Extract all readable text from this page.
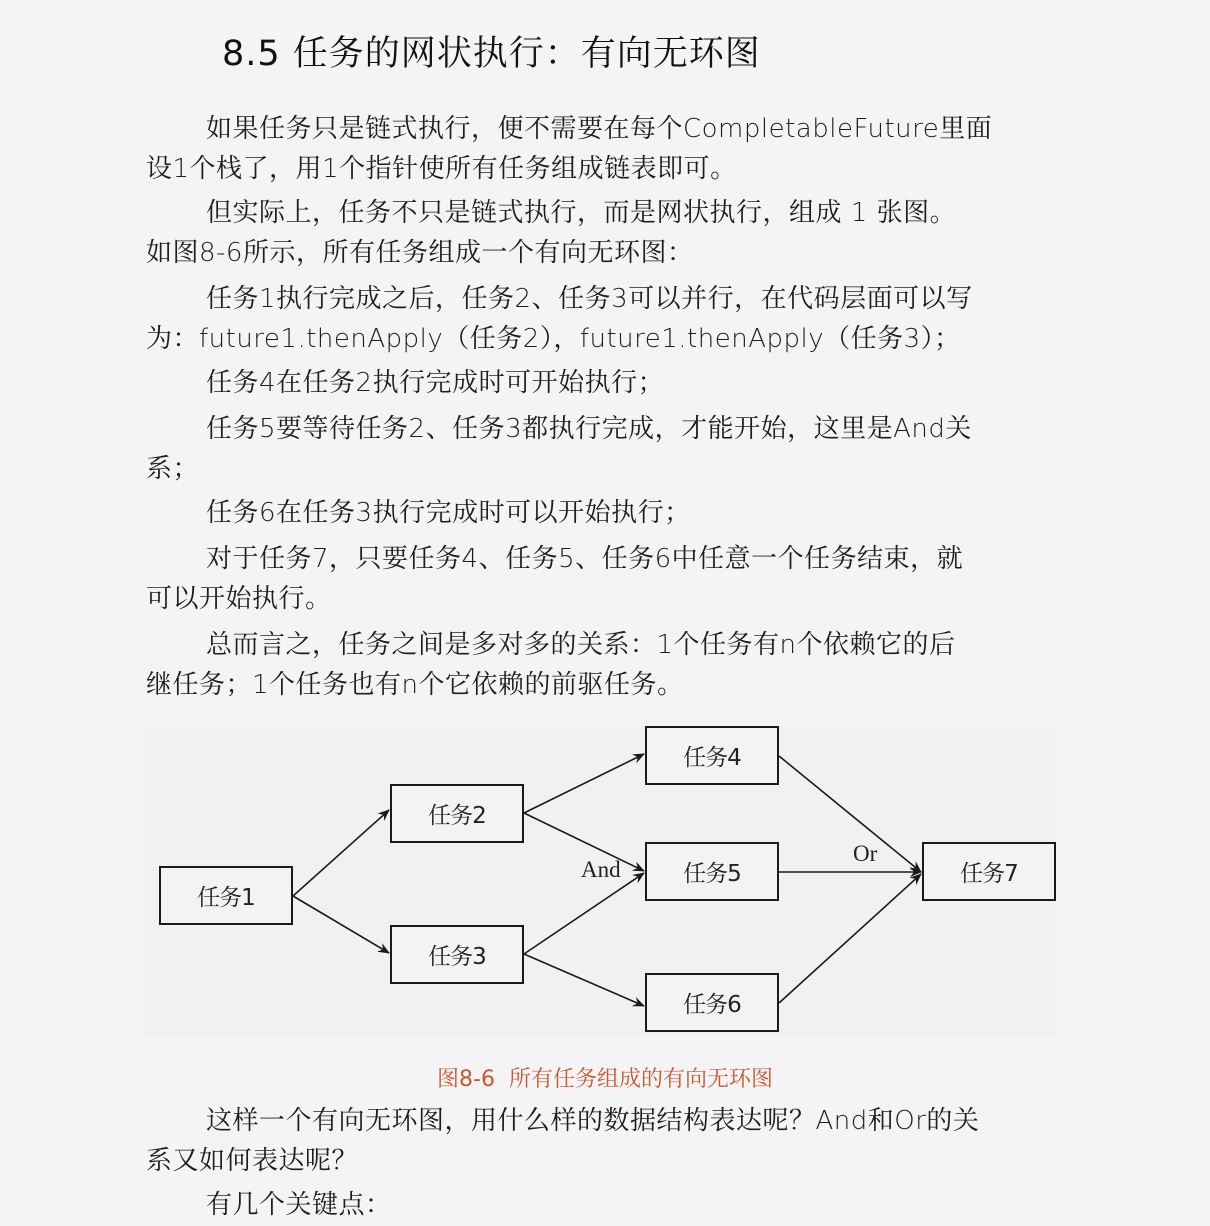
8.5 任务的网状执行：有向无环图
如果任务只是链式执行，便不需要在每个CompletableFuture里面
设1个栈了，用1个指针使所有任务组成链表即可。
但实际上，任务不只是链式执行，而是网状执行，组成 1 张图。
如图8-6所示，所有任务组成一个有向无环图：
任务1执行完成之后，任务2、任务3可以并行，在代码层面可以写
为：future1.thenApply（任务2），future1.thenApply（任务3）；
任务4在任务2执行完成时可开始执行；
任务5要等待任务2、任务3都执行完成，才能开始，这里是And关
系；
任务6在任务3执行完成时可以开始执行；
对于任务7，只要任务4、任务5、任务6中任意一个任务结束，就
可以开始执行。
总而言之，任务之间是多对多的关系：1个任务有n个依赖它的后
继任务；1个任务也有n个它依赖的前驱任务。
任务1
任务2
任务3
任务4
任务5
任务6
任务7
And
Or
图8-6  所有任务组成的有向无环图
这样一个有向无环图，用什么样的数据结构表达呢？And和Or的关
系又如何表达呢？
有几个关键点：
